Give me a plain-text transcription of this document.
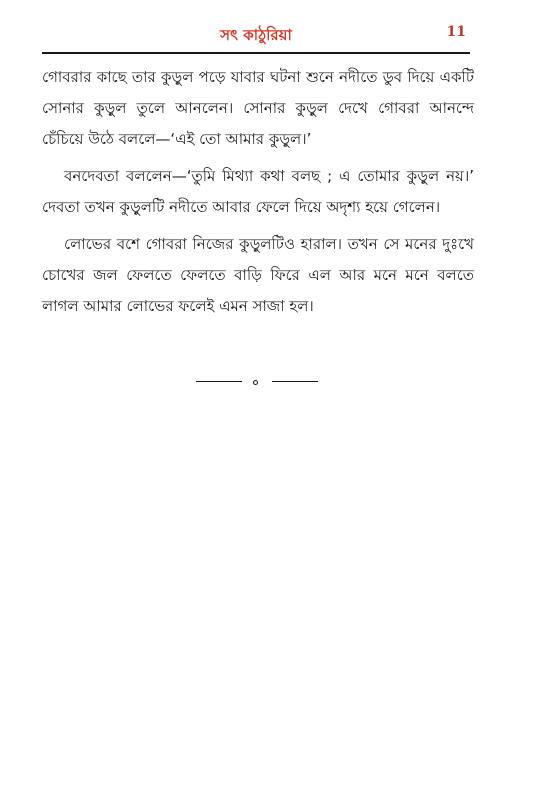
সৎ কাঠুরিয়া	11

গোবরার কাছে তার কুড়ুল পড়ে যাবার ঘটনা শুনে নদীতে ডুব দিয়ে একটি সোনার কুড়ুল তুলে আনলেন। সোনার কুড়ুল দেখে গোবরা আনন্দে চেঁচিয়ে উঠে বললে—‘এই তো আমার কুড়ুল।’

বনদেবতা বললেন—‘তুমি মিথ্যা কথা বলছ ; এ তোমার কুড়ুল নয়।’ দেবতা তখন কুড়ুলটি নদীতে আবার ফেলে দিয়ে অদৃশ্য হয়ে গেলেন।

লোভের বশে গোবরা নিজের কুড়ুলটিও হারাল। তখন সে মনের দুঃখে চোখের জল ফেলতে ফেলতে বাড়ি ফিরে এল আর মনে মনে বলতে লাগল আমার লোভের ফলেই এমন সাজা হল।
